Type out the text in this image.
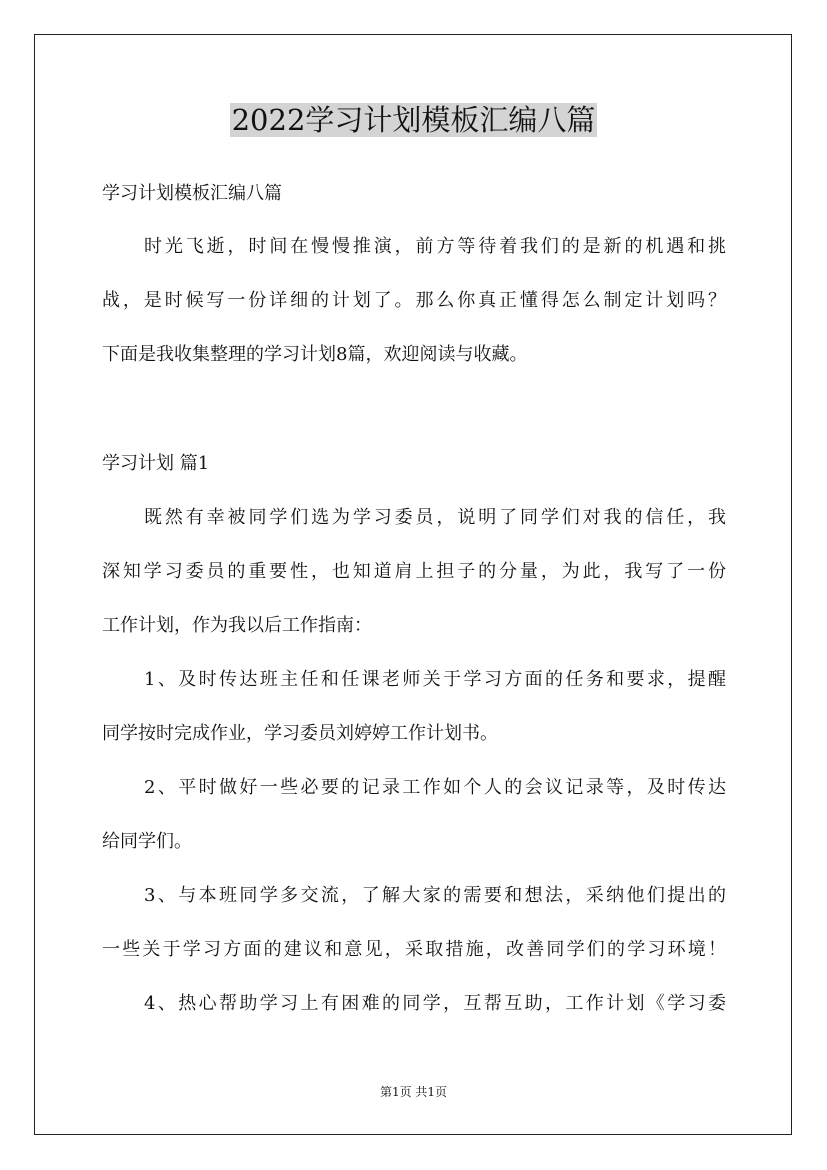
2022学习计划模板汇编八篇
学习计划模板汇编八篇
时光飞逝，时间在慢慢推演，前方等待着我们的是新的机遇和挑
战，是时候写一份详细的计划了。那么你真正懂得怎么制定计划吗？
下面是我收集整理的学习计划8篇，欢迎阅读与收藏。
学习计划 篇1
既然有幸被同学们选为学习委员，说明了同学们对我的信任，我
深知学习委员的重要性，也知道肩上担子的分量，为此，我写了一份
工作计划，作为我以后工作指南：
1、及时传达班主任和任课老师关于学习方面的任务和要求，提醒
同学按时完成作业，学习委员刘婷婷工作计划书。
2、平时做好一些必要的记录工作如个人的会议记录等，及时传达
给同学们。
3、与本班同学多交流，了解大家的需要和想法，采纳他们提出的
一些关于学习方面的建议和意见，采取措施，改善同学们的学习环境！
4、热心帮助学习上有困难的同学，互帮互助，工作计划《学习委
第1页 共1页
